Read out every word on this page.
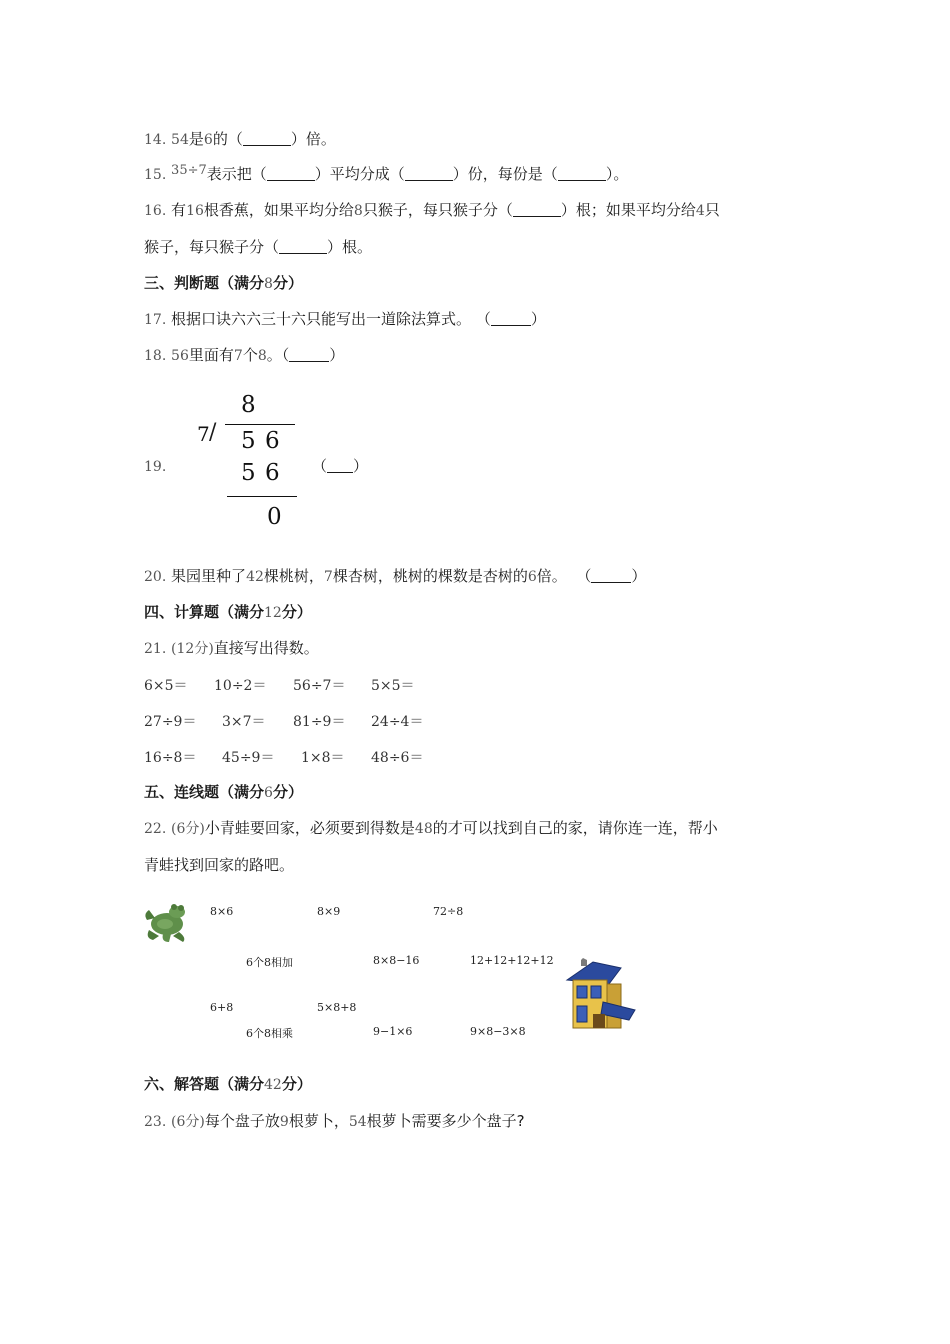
14. 54是6的（	）倍。
15. 35÷7表示把（	）平均分成（	）份，每份是（	）。
16. 有16根香蕉，如果平均分给8只猴子，每只猴子分（	）根；如果平均分给4只
猴子，每只猴子分（	）根。
三、判断题（满分8分）
17. 根据口诀六六三十六只能写出一道除法算式。 （	）
18. 56里面有7个8。（	）
19.
8
7 / 5 6
5 6
0
（ ）
20. 果园里种了42棵桃树，7棵杏树，桃树的棵数是杏树的6倍。 （	）
四、计算题（满分12分）
21. (12分)直接写出得数。
6×5＝ 10÷2＝ 56÷7＝ 5×5＝
27÷9＝ 3×7＝ 81÷9＝ 24÷4＝
16÷8＝ 45÷9＝ 1×8＝ 48÷6＝
五、连线题（满分6分）
22. (6分)小青蛙要回家，必须要到得数是48的才可以找到自己的家，请你连一连，帮小
青蛙找到回家的路吧。
8×6	8×9	72÷8
6个8相加	8×8−16	12+12+12+12
6+8	5×8+8
6个8相乘	9−1×6	9×8−3×8
六、解答题（满分42分）
23. (6分)每个盘子放9根萝卜，54根萝卜需要多少个盘子?
